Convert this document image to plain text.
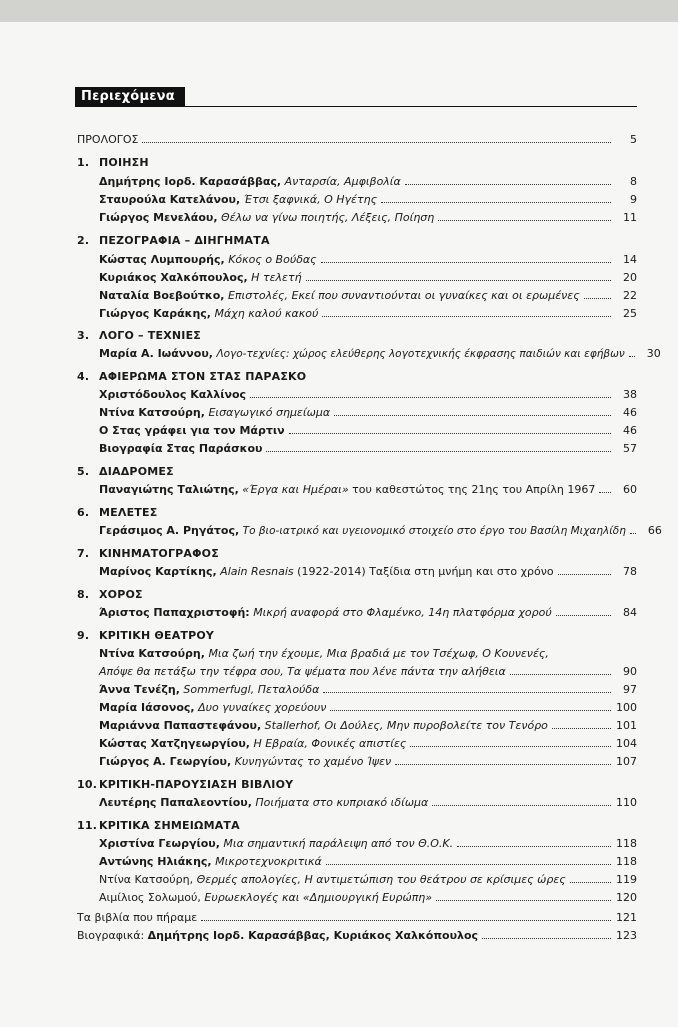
Περιεχόμενα
ΠΡΟΛΟΓΟΣ	5
1. ΠΟΙΗΣΗ
Δημήτρης Ιορδ. Καρασάββας, Ανταρσία, Αμφιβολία	8
Σταυρούλα Κατελάνου, Έτσι ξαφνικά, Ο Ηγέτης	9
Γιώργος Μενελάου, Θέλω να γίνω ποιητής, Λέξεις, Ποίηση	11
2. ΠΕΖΟΓΡΑΦΙΑ – ΔΙΗΓΗΜΑΤΑ
Κώστας Λυμπουρής, Κόκος ο Βούδας	14
Κυριάκος Χαλκόπουλος, Η τελετή	20
Ναταλία Βοεβούτκο, Επιστολές, Εκεί που συναντιούνται οι γυναίκες και οι ερωμένες	22
Γιώργος Καράκης, Μάχη καλού κακού	25
3. ΛΟΓΟ – ΤΕΧΝΙΕΣ
Μαρία Α. Ιωάννου, Λογο-τεχνίες: χώρος ελεύθερης λογοτεχνικής έκφρασης παιδιών και εφήβων	30
4. ΑΦΙΕΡΩΜΑ ΣΤΟΝ ΣΤΑΣ ΠΑΡΑΣΚΟ
Χριστόδουλος Καλλίνος	38
Ντίνα Κατσούρη, Εισαγωγικό σημείωμα	46
Ο Στας γράφει για τον Μάρτιν	46
Βιογραφία Στας Παράσκου	57
5. ΔΙΑΔΡΟΜΕΣ
Παναγιώτης Ταλιώτης, «Έργα και Ημέραι» του καθεστώτος της 21ης του Απρίλη 1967	60
6. ΜΕΛΕΤΕΣ
Γεράσιμος Α. Ρηγάτος, Το βιο-ιατρικό και υγειονομικό στοιχείο στο έργο του Βασίλη Μιχαηλίδη	66
7. ΚΙΝΗΜΑΤΟΓΡΑΦΟΣ
Μαρίνος Καρτίκης, Alain Resnais (1922-2014) Ταξίδια στη μνήμη και στο χρόνο	78
8. ΧΟΡΟΣ
Άριστος Παπαχριστοφή: Μικρή αναφορά στο Φλαμένκο, 14η πλατφόρμα χορού	84
9. ΚΡΙΤΙΚΗ ΘΕΑΤΡΟΥ
Ντίνα Κατσούρη,
Μια ζωή την έχουμε, Μια βραδιά με τον Τσέχωφ, Ο Κουνενές,
Απόψε θα πετάξω την τέφρα σου, Τα ψέματα που λένε πάντα την αλήθεια	90
Άννα Τενέζη, Sommerfugl, Πεταλούδα	97
Μαρία Ιάσονος, Δυο γυναίκες χορεύουν	100
Μαριάννα Παπαστεφάνου, Stallerhof, Οι Δούλες, Μην πυροβολείτε τον Τενόρο	101
Κώστας Χατζηγεωργίου, Η Εβραία, Φονικές απιστίες	104
Γιώργος Α. Γεωργίου, Κυνηγώντας το χαμένο Ίψεν	107
10. ΚΡΙΤΙΚΗ-ΠΑΡΟΥΣΙΑΣΗ ΒΙΒΛΙΟΥ
Λευτέρης Παπαλεοντίου, Ποιήματα στο κυπριακό ιδίωμα	110
11. ΚΡΙΤΙΚΑ ΣΗΜΕΙΩΜΑΤΑ
Χριστίνα Γεωργίου, Μια σημαντική παράλειψη από τον Θ.Ο.Κ.	118
Αντώνης Ηλιάκης, Μικροτεχνοκριτικά	118
Ντίνα Κατσούρη, Θερμές απολογίες, Η αντιμετώπιση του θεάτρου σε κρίσιμες ώρες	119
Αιμίλιος Σολωμού, Ευρωεκλογές και «Δημιουργική Ευρώπη»	120
Τα βιβλία που πήραμε	121
Βιογραφικά: Δημήτρης Ιορδ. Καρασάββας, Κυριάκος Χαλκόπουλος	123
